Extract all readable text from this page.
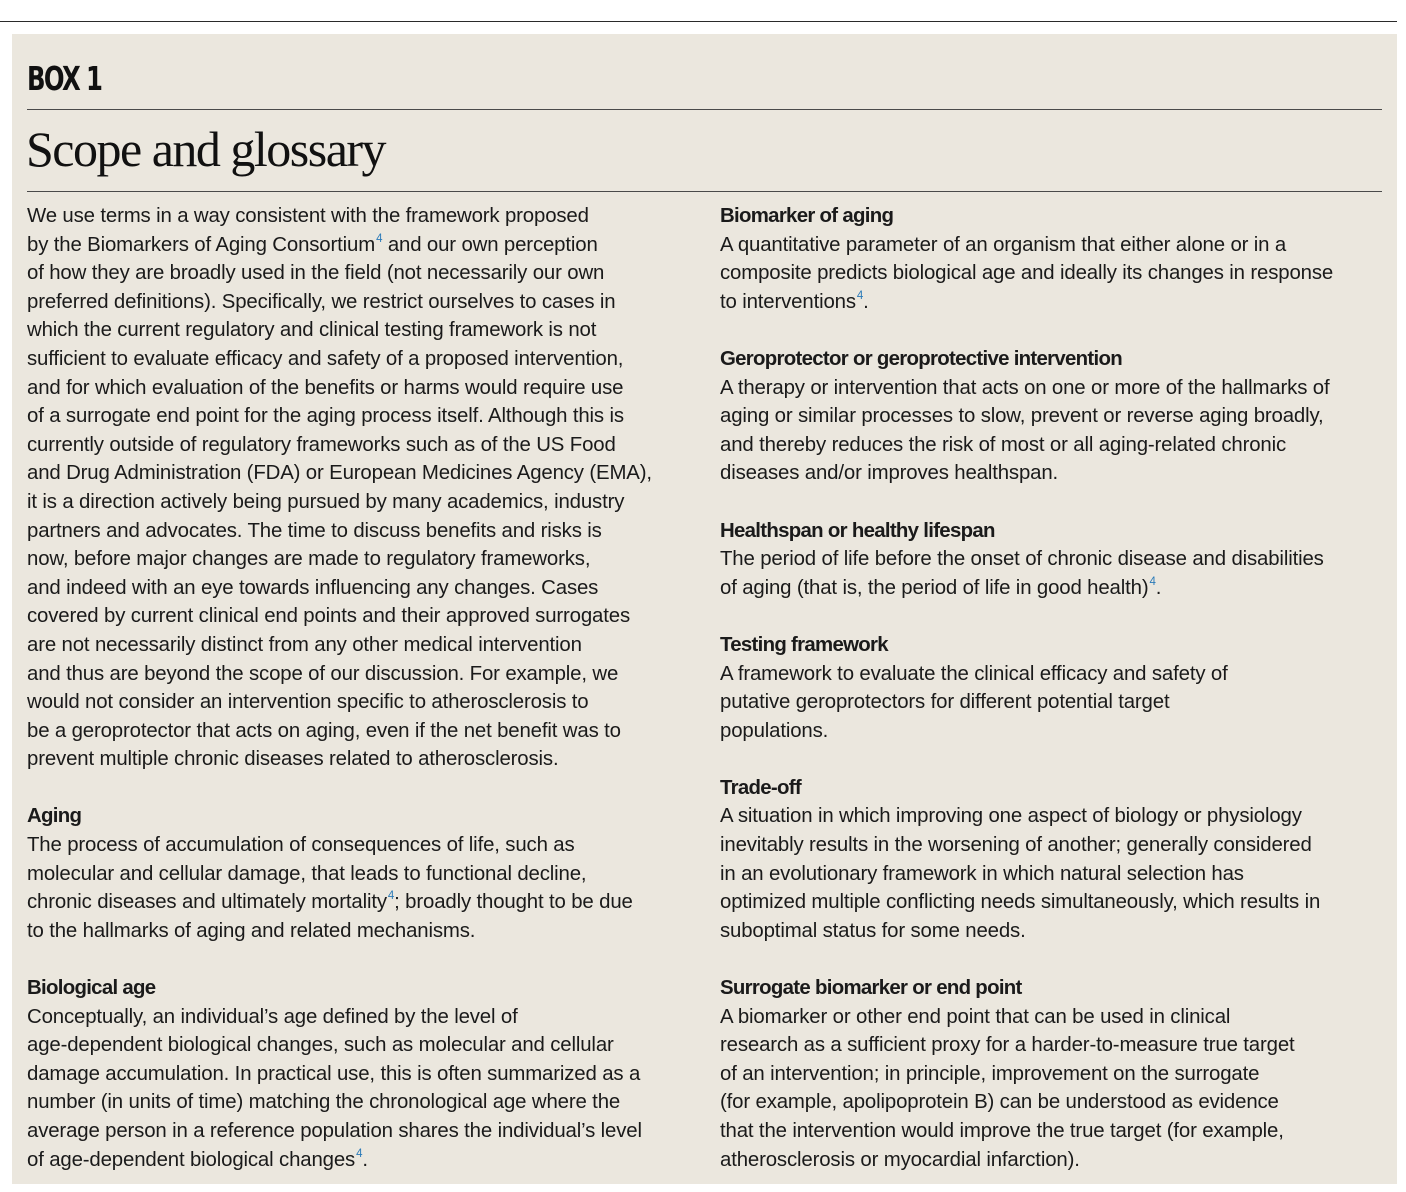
BOX 1
Scope and glossary

We use terms in a way consistent with the framework proposed
by the Biomarkers of Aging Consortium$^4$ and our own perception
of how they are broadly used in the field (not necessarily our own
preferred definitions). Specifically, we restrict ourselves to cases in
which the current regulatory and clinical testing framework is not
sufficient to evaluate efficacy and safety of a proposed intervention,
and for which evaluation of the benefits or harms would require use
of a surrogate end point for the aging process itself. Although this is
currently outside of regulatory frameworks such as of the US Food
and Drug Administration (FDA) or European Medicines Agency (EMA),
it is a direction actively being pursued by many academics, industry
partners and advocates. The time to discuss benefits and risks is
now, before major changes are made to regulatory frameworks,
and indeed with an eye towards influencing any changes. Cases
covered by current clinical end points and their approved surrogates
are not necessarily distinct from any other medical intervention
and thus are beyond the scope of our discussion. For example, we
would not consider an intervention specific to atherosclerosis to
be a geroprotector that acts on aging, even if the net benefit was to
prevent multiple chronic diseases related to atherosclerosis.

Aging
The process of accumulation of consequences of life, such as
molecular and cellular damage, that leads to functional decline,
chronic diseases and ultimately mortality$^4$; broadly thought to be due
to the hallmarks of aging and related mechanisms.
Biological age
Conceptually, an individual’s age defined by the level of
age-dependent biological changes, such as molecular and cellular
damage accumulation. In practical use, this is often summarized as a
number (in units of time) matching the chronological age where the
average person in a reference population shares the individual’s level
of age-dependent biological changes$^4$.
Biomarker of aging
A quantitative parameter of an organism that either alone or in a
composite predicts biological age and ideally its changes in response
to interventions$^4$.
Geroprotector or geroprotective intervention
A therapy or intervention that acts on one or more of the hallmarks of
aging or similar processes to slow, prevent or reverse aging broadly,
and thereby reduces the risk of most or all aging-related chronic
diseases and/or improves healthspan.
Healthspan or healthy lifespan
The period of life before the onset of chronic disease and disabilities
of aging (that is, the period of life in good health)$^4$.
Testing framework
A framework to evaluate the clinical efficacy and safety of
putative geroprotectors for different potential target
populations.
Trade-off
A situation in which improving one aspect of biology or physiology
inevitably results in the worsening of another; generally considered
in an evolutionary framework in which natural selection has
optimized multiple conflicting needs simultaneously, which results in
suboptimal status for some needs.
Surrogate biomarker or end point
A biomarker or other end point that can be used in clinical
research as a sufficient proxy for a harder-to-measure true target
of an intervention; in principle, improvement on the surrogate
(for example, apolipoprotein B) can be understood as evidence
that the intervention would improve the true target (for example,
atherosclerosis or myocardial infarction).
